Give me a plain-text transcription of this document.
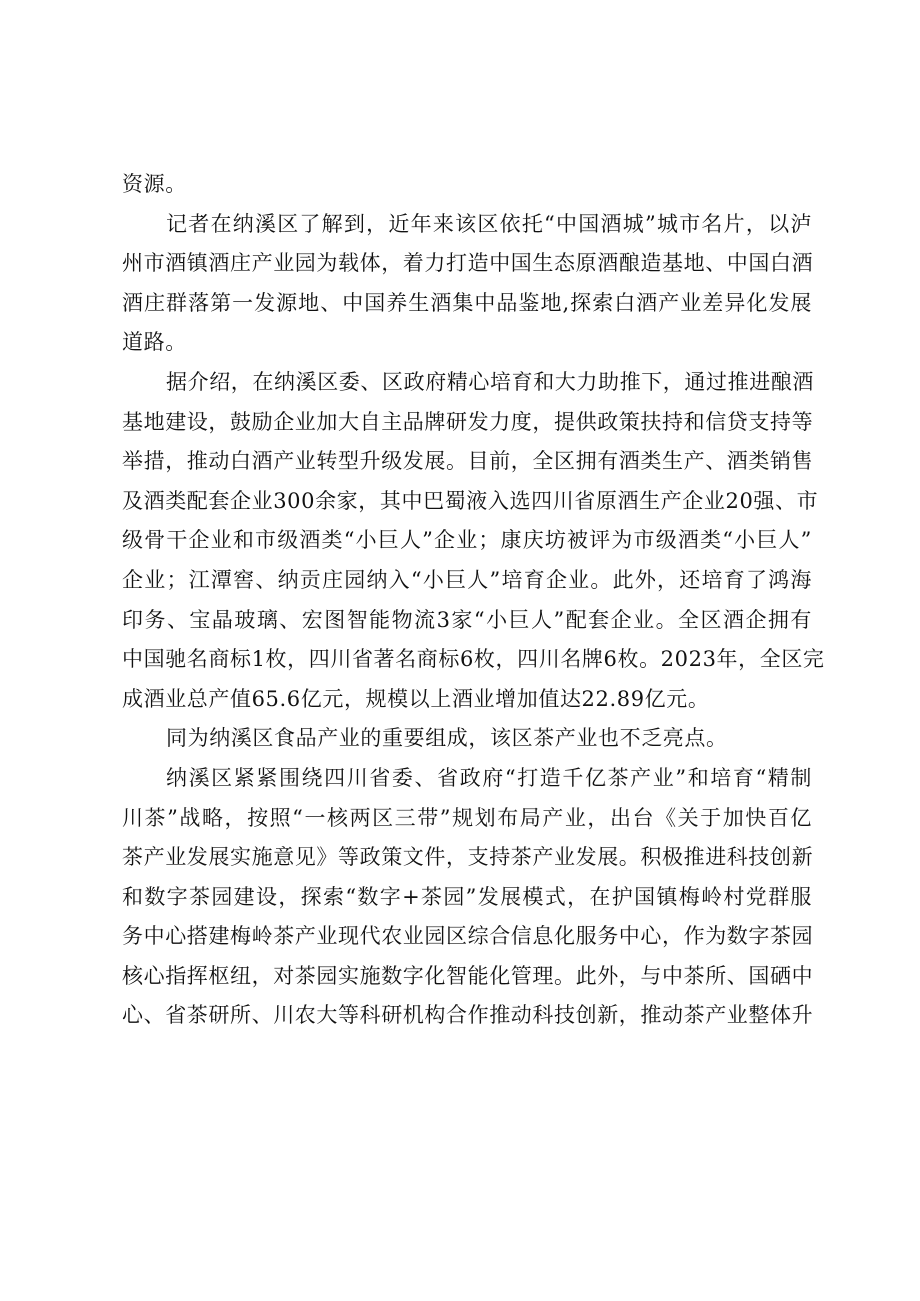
资源。
记者在纳溪区了解到，近年来该区依托“中国酒城”城市名片，以泸
州市酒镇酒庄产业园为载体，着力打造中国生态原酒酿造基地、中国白酒
酒庄群落第一发源地、中国养生酒集中品鉴地,探索白酒产业差异化发展
道路。
据介绍，在纳溪区委、区政府精心培育和大力助推下，通过推进酿酒
基地建设，鼓励企业加大自主品牌研发力度，提供政策扶持和信贷支持等
举措，推动白酒产业转型升级发展。目前，全区拥有酒类生产、酒类销售
及酒类配套企业300余家，其中巴蜀液入选四川省原酒生产企业20强、市
级骨干企业和市级酒类“小巨人”企业；康庆坊被评为市级酒类“小巨人”
企业；江潭窖、纳贡庄园纳入“小巨人”培育企业。此外，还培育了鸿海
印务、宝晶玻璃、宏图智能物流3家“小巨人”配套企业。全区酒企拥有
中国驰名商标1枚，四川省著名商标6枚，四川名牌6枚。2023年，全区完
成酒业总产值65.6亿元，规模以上酒业增加值达22.89亿元。
同为纳溪区食品产业的重要组成，该区茶产业也不乏亮点。
纳溪区紧紧围绕四川省委、省政府“打造千亿茶产业”和培育“精制
川茶”战略，按照“一核两区三带”规划布局产业，出台《关于加快百亿
茶产业发展实施意见》等政策文件，支持茶产业发展。积极推进科技创新
和数字茶园建设，探索“数字+茶园”发展模式，在护国镇梅岭村党群服
务中心搭建梅岭茶产业现代农业园区综合信息化服务中心，作为数字茶园
核心指挥枢纽，对茶园实施数字化智能化管理。此外，与中茶所、国硒中
心、省茶研所、川农大等科研机构合作推动科技创新，推动茶产业整体升
